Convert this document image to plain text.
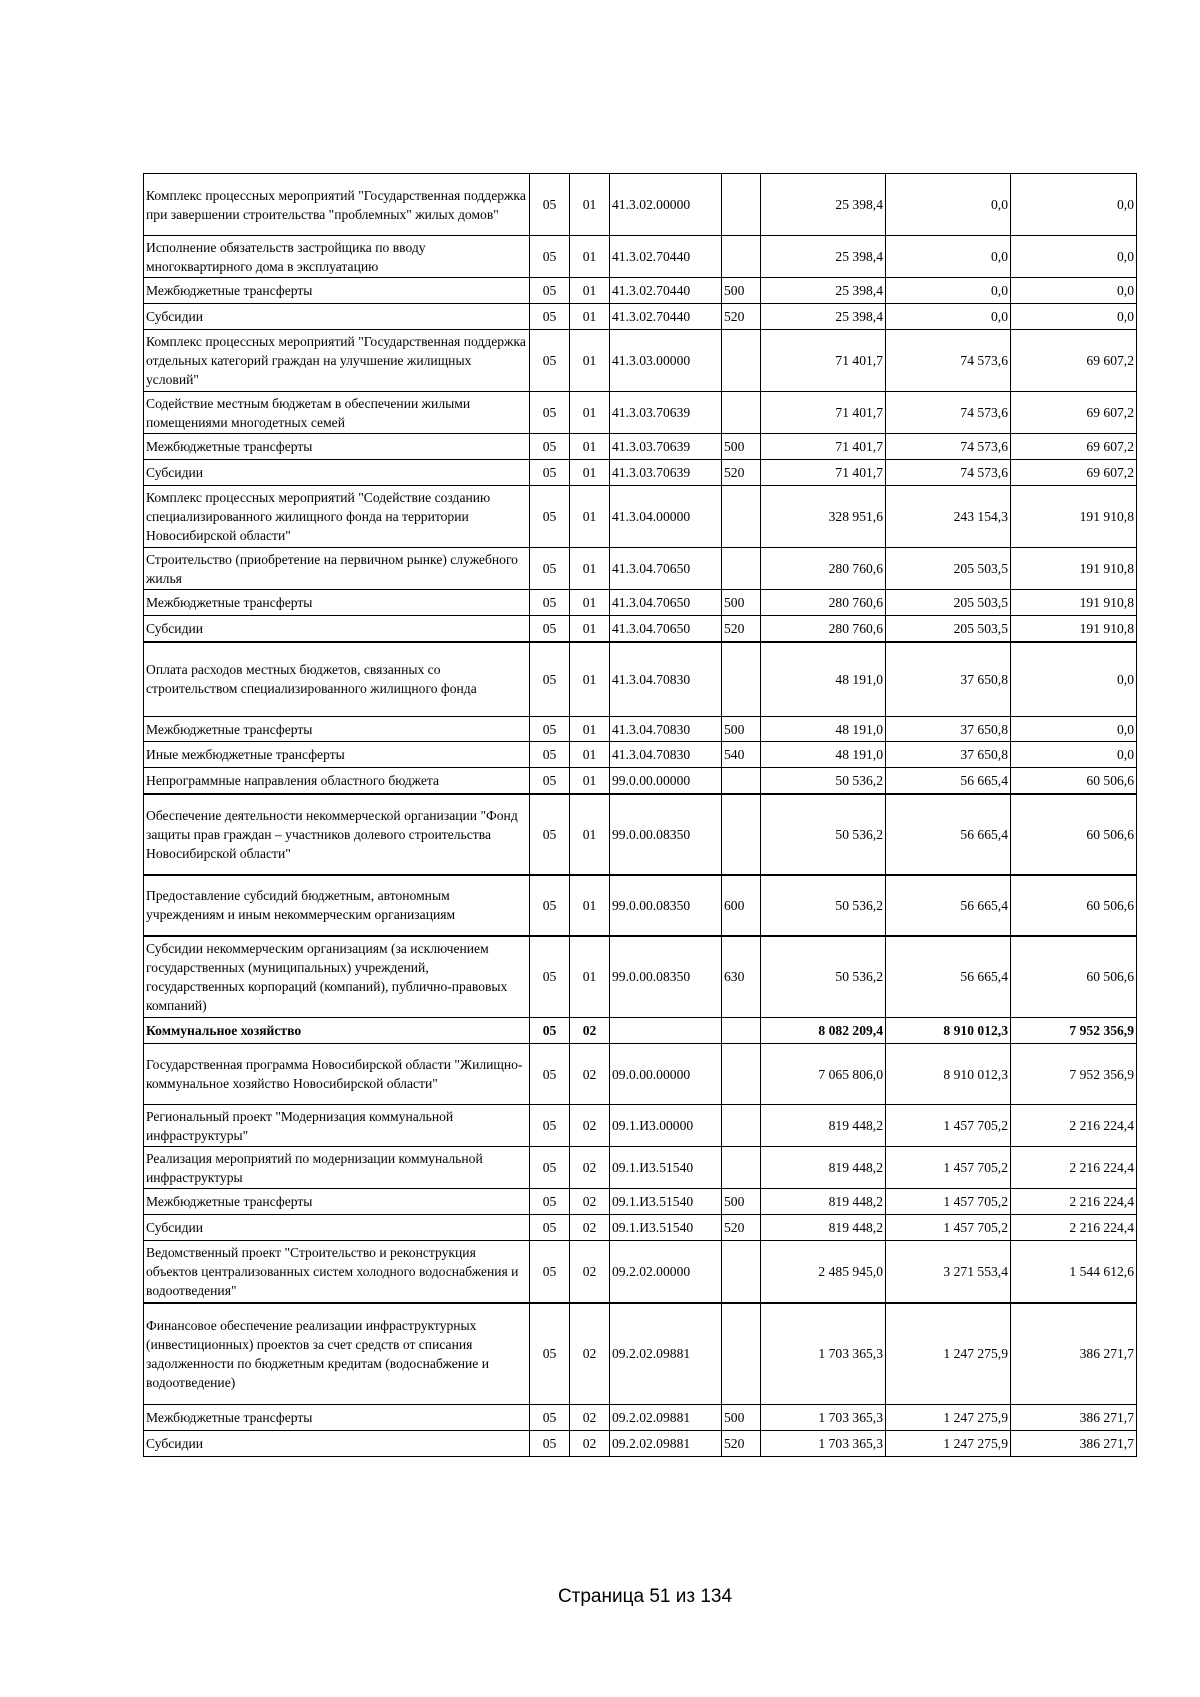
Комплекс процессных мероприятий "Государственная поддержка при завершении строительства "проблемных" жилых домов"	05	01	41.3.02.00000		25 398,4	0,0	0,0
Исполнение обязательств застройщика по вводу многоквартирного дома в эксплуатацию	05	01	41.3.02.70440		25 398,4	0,0	0,0
Межбюджетные трансферты	05	01	41.3.02.70440	500	25 398,4	0,0	0,0
Субсидии	05	01	41.3.02.70440	520	25 398,4	0,0	0,0
Комплекс процессных мероприятий "Государственная поддержка отдельных категорий граждан на улучшение жилищных условий"	05	01	41.3.03.00000		71 401,7	74 573,6	69 607,2
Содействие местным бюджетам в обеспечении жилыми помещениями многодетных семей	05	01	41.3.03.70639		71 401,7	74 573,6	69 607,2
Межбюджетные трансферты	05	01	41.3.03.70639	500	71 401,7	74 573,6	69 607,2
Субсидии	05	01	41.3.03.70639	520	71 401,7	74 573,6	69 607,2
Комплекс процессных мероприятий "Содействие созданию специализированного жилищного фонда на территории Новосибирской области"	05	01	41.3.04.00000		328 951,6	243 154,3	191 910,8
Строительство (приобретение на первичном рынке) служебного жилья	05	01	41.3.04.70650		280 760,6	205 503,5	191 910,8
Межбюджетные трансферты	05	01	41.3.04.70650	500	280 760,6	205 503,5	191 910,8
Субсидии	05	01	41.3.04.70650	520	280 760,6	205 503,5	191 910,8
Оплата расходов местных бюджетов, связанных со строительством специализированного жилищного фонда	05	01	41.3.04.70830		48 191,0	37 650,8	0,0
Межбюджетные трансферты	05	01	41.3.04.70830	500	48 191,0	37 650,8	0,0
Иные межбюджетные трансферты	05	01	41.3.04.70830	540	48 191,0	37 650,8	0,0
Непрограммные направления областного бюджета	05	01	99.0.00.00000		50 536,2	56 665,4	60 506,6
Обеспечение деятельности некоммерческой организации "Фонд защиты прав граждан – участников долевого строительства Новосибирской области"	05	01	99.0.00.08350		50 536,2	56 665,4	60 506,6
Предоставление субсидий бюджетным, автономным учреждениям и иным некоммерческим организациям	05	01	99.0.00.08350	600	50 536,2	56 665,4	60 506,6
Субсидии некоммерческим организациям (за исключением государственных (муниципальных) учреждений, государственных корпораций (компаний), публично-правовых компаний)	05	01	99.0.00.08350	630	50 536,2	56 665,4	60 506,6
Коммунальное хозяйство	05	02			8 082 209,4	8 910 012,3	7 952 356,9
Государственная программа Новосибирской области "Жилищно-коммунальное хозяйство Новосибирской области"	05	02	09.0.00.00000		7 065 806,0	8 910 012,3	7 952 356,9
Региональный проект "Модернизация коммунальной инфраструктуры"	05	02	09.1.И3.00000		819 448,2	1 457 705,2	2 216 224,4
Реализация мероприятий по модернизации коммунальной инфраструктуры	05	02	09.1.И3.51540		819 448,2	1 457 705,2	2 216 224,4
Межбюджетные трансферты	05	02	09.1.И3.51540	500	819 448,2	1 457 705,2	2 216 224,4
Субсидии	05	02	09.1.И3.51540	520	819 448,2	1 457 705,2	2 216 224,4
Ведомственный проект "Строительство и реконструкция объектов централизованных систем холодного водоснабжения и водоотведения"	05	02	09.2.02.00000		2 485 945,0	3 271 553,4	1 544 612,6
Финансовое обеспечение реализации инфраструктурных (инвестиционных) проектов за счет средств от списания задолженности по бюджетным кредитам (водоснабжение и водоотведение)	05	02	09.2.02.09881		1 703 365,3	1 247 275,9	386 271,7
Межбюджетные трансферты	05	02	09.2.02.09881	500	1 703 365,3	1 247 275,9	386 271,7
Субсидии	05	02	09.2.02.09881	520	1 703 365,3	1 247 275,9	386 271,7
Страница 51 из 134
